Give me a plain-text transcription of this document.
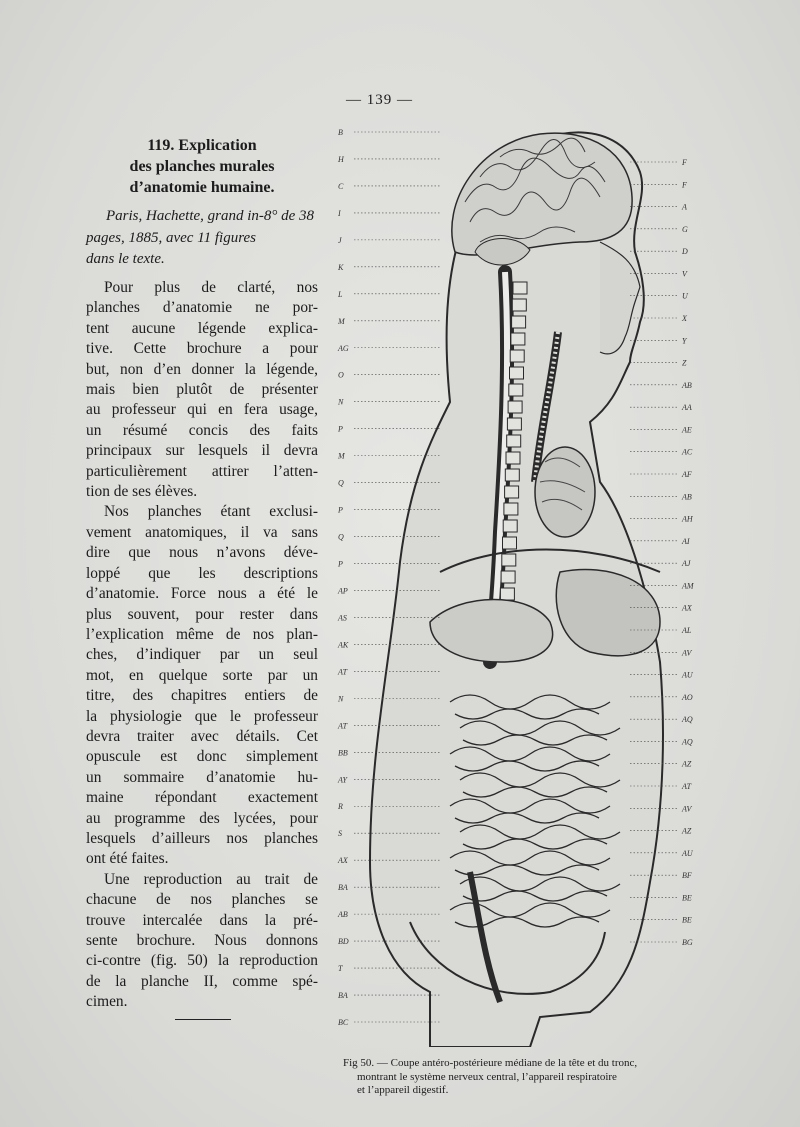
— 139 —
119. Explication
des planches murales
d’anatomie humaine.
Paris, Hachette, grand in-8° de 38
pages, 1885, avec 11 figures
dans le texte.
Pour plus de clarté, nos
planches d’anatomie ne por-
tent aucune légende explica-
tive. Cette brochure a pour
but, non d’en donner la légende,
mais bien plutôt de présenter
au professeur qui en fera usage,
un résumé concis des faits
principaux sur lesquels il devra
particulièrement attirer l’atten-
tion de ses élèves.
Nos planches étant exclusi-
vement anatomiques, il va sans
dire que nous n’avons déve-
loppé que les descriptions
d’anatomie. Force nous a été le
plus souvent, pour rester dans
l’explication même de nos plan-
ches, d’indiquer par un seul
mot, en quelque sorte par un
titre, des chapitres entiers de
la physiologie que le professeur
devra traiter avec détails. Cet
opuscule est donc simplement
un sommaire d’anatomie hu-
maine répondant exactement
au programme des lycées, pour
lesquels d’ailleurs nos planches
ont été faites.
Une reproduction au trait de
chacune de nos planches se
trouve intercalée dans la pré-
sente brochure. Nous donnons
ci-contre (fig. 50) la reproduction
de la planche II, comme spé-
cimen.
B
H
C
I
J
K
L
M
AG
O
N
P
M
Q
P
Q
P
AP
AS
AK
AT
N
AT
BB
AY
R
S
AX
BA
AB
BD
T
BA
BC
F
F
A
G
D
V
U
X
Y
Z
AB
AA
AE
AC
AF
AB
AH
AI
AJ
AM
AX
AL
AV
AU
AO
AQ
AQ
AZ
AT
AV
AZ
AU
BF
BE
BE
BG
Fig 50. — Coupe antéro-postérieure médiane de la tête et du tronc,
montrant le système nerveux central, l’appareil respiratoire
et l’appareil digestif.
